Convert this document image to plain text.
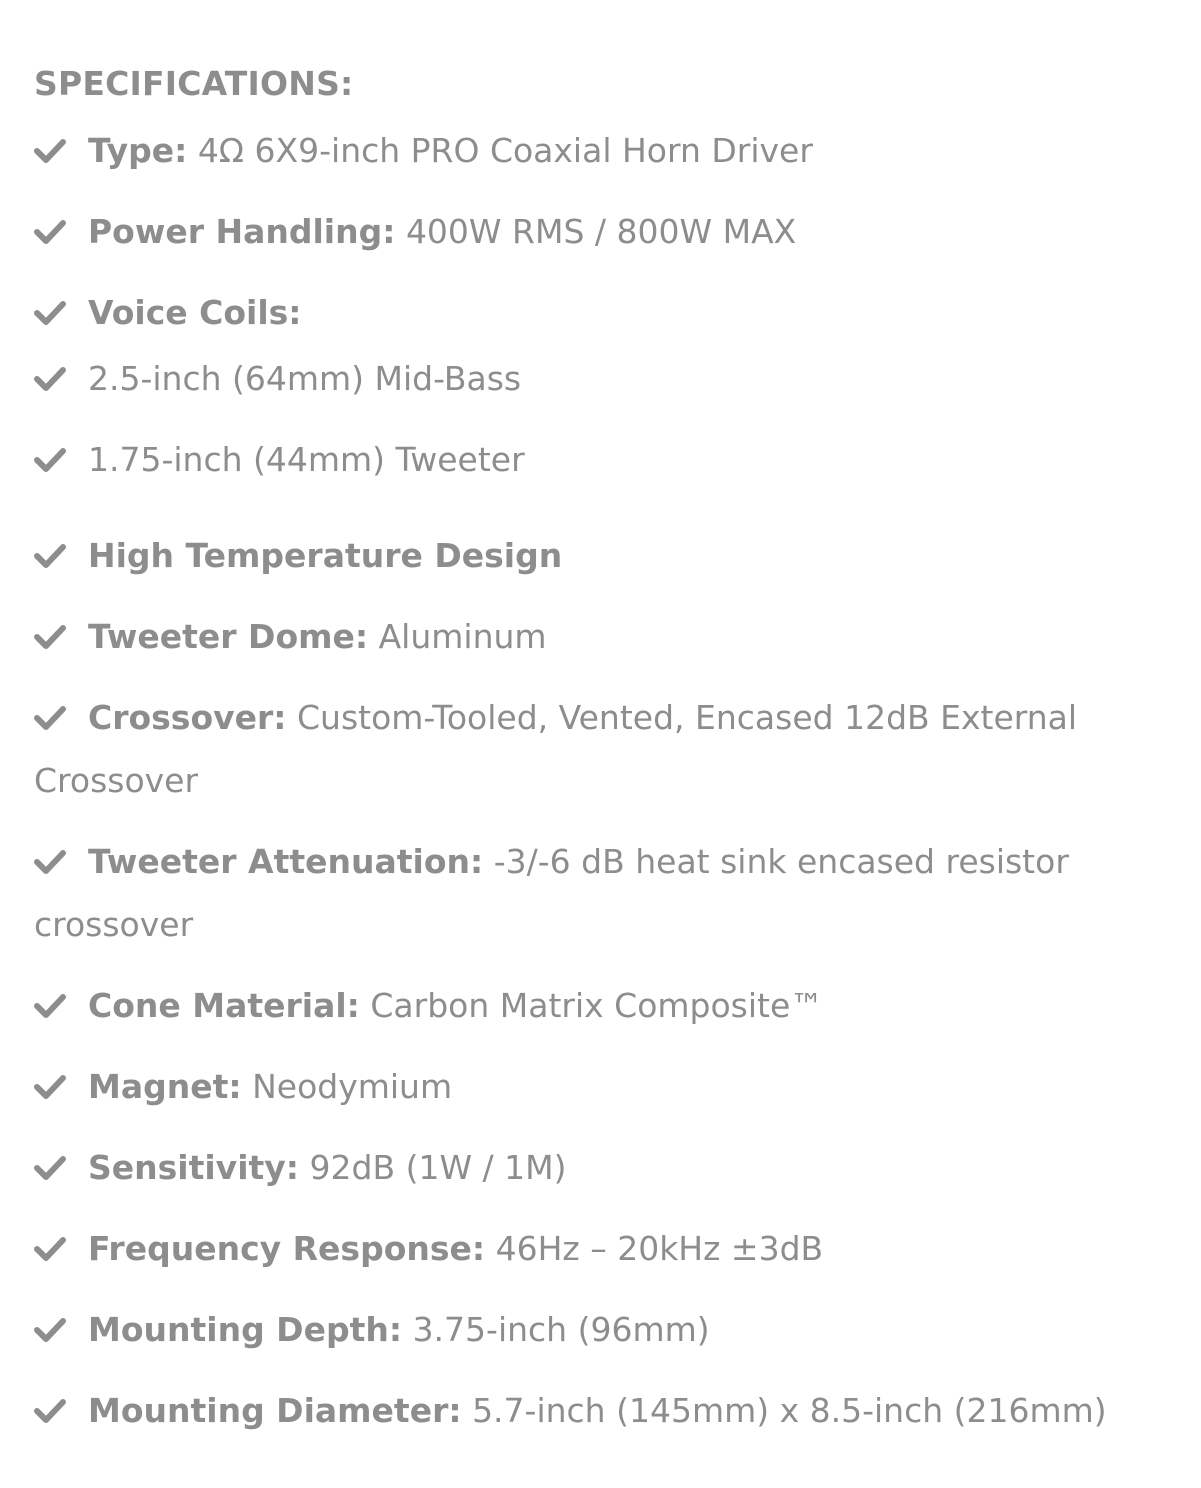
SPECIFICATIONS:
Type: 4Ω 6X9-inch PRO Coaxial Horn Driver
Power Handling: 400W RMS / 800W MAX
Voice Coils:
2.5-inch (64mm) Mid-Bass
1.75-inch (44mm) Tweeter
High Temperature Design
Tweeter Dome: Aluminum
Crossover: Custom-Tooled, Vented, Encased 12dB External Crossover
Tweeter Attenuation: -3/-6 dB heat sink encased resistor crossover
Cone Material: Carbon Matrix Composite™
Magnet: Neodymium
Sensitivity: 92dB (1W / 1M)
Frequency Response: 46Hz – 20kHz ±3dB
Mounting Depth: 3.75-inch (96mm)
Mounting Diameter: 5.7-inch (145mm) x 8.5-inch (216mm)
